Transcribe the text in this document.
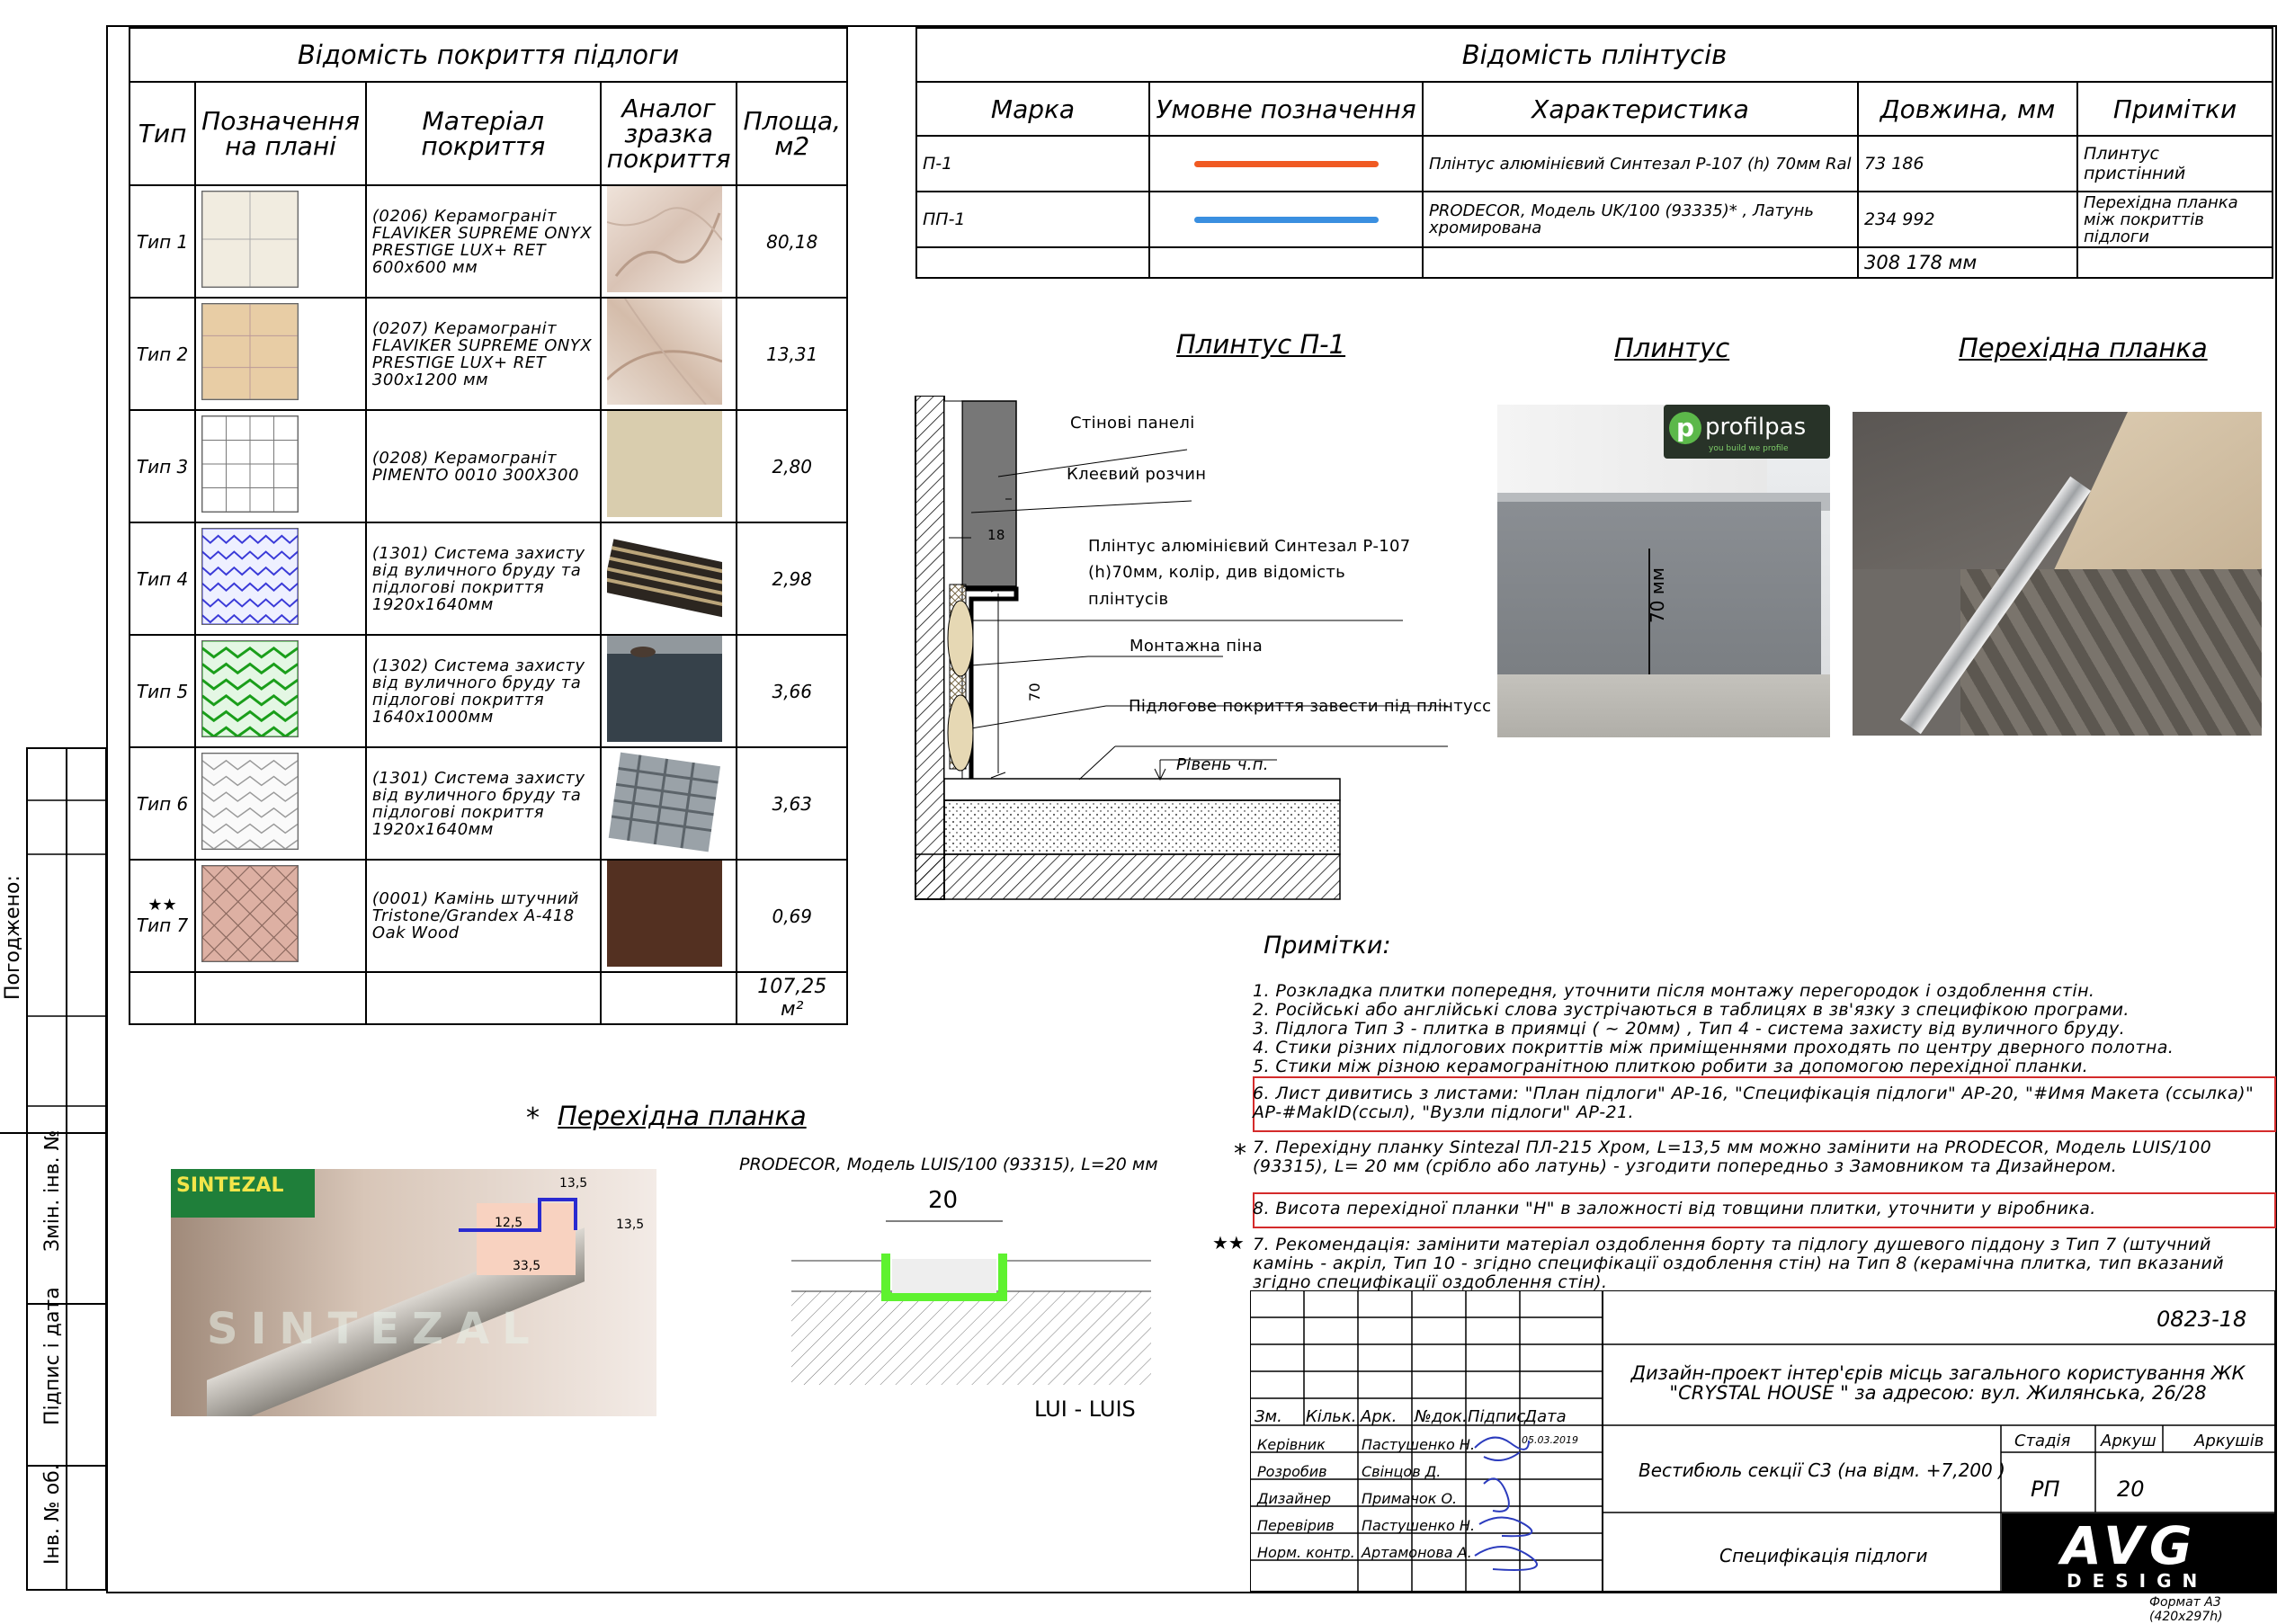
Погоджено:
Змін. інв. №
Підпис і дата
Інв. № об.
Відомість покриття підлоги				
Тип	Позначення на плані	Матеріал покриття	Аналог зразка покриття	Площа, м2
Тип 1		(0206) Керамограніт FLAVIKER SUPREME ONYX PRESTIGE LUX+ RET 600x600 мм		80,18
Тип 2		(0207) Керамограніт FLAVIKER SUPREME ONYX PRESTIGE LUX+ RET 300x1200 мм		13,31
Тип 3		(0208) Керамограніт PIMENTO 0010 300X300		2,80
Тип 4		(1301) Система захисту від вуличного бруду та підлогові покриття 1920x1640мм		2,98
Тип 5		(1302) Система захисту від вуличного бруду та підлогові покриття 1640x1000мм		3,66
Тип 6		(1301) Система захисту від вуличного бруду та підлогові покриття 1920x1640мм		3,63

★★
Тип 7		(0001) Камінь штучний Tristone/Grandex A-418 Oak Wood		0,69
				107,25 м²
Відомість плінтусів				
Марка	Умовне позначення	Характеристика	Довжина, мм	Примітки
П-1		Плінтус алюмінієвий Синтезал Р-107 (h) 70мм Ral	73 186	Плинтус пристінний
ПП-1		PRODECOR, Модель UK/100 (93335)* , Латунь хромирована	234 992	Перехідна планка між покриттів підлоги
			308 178 мм	
Плинтус П-1	Плинтус	Перехідна планка
Стінові панелі
Клеєвий розчин
18
Плінтус алюмінієвий Синтезал Р-107
(h)70мм, колір, див відомість
плінтусів
Монтажна піна
Підлогове покриття завести під плінтусс
Рівень ч.п.
70
p profilpas
you build we profile
70 мм
Примітки:
1. Розкладка плитки попередня, уточнити після монтажу перегородок і оздоблення стін.
2. Російські або англійські слова зустрічаються в таблицях в зв'язку з специфікою програми.
3. Підлога Тип 3 - плитка в приямці ( ~ 20мм) , Тип 4 - система захисту від вуличного бруду.
4. Стики різних підлогових покриттів між приміщеннями проходять по центру дверного полотна.
5. Стики між різною керамогранітною плиткою робити за допомогою перехідної планки.
6. Лист дивитись з листами: "План підлоги" АР-16, "Специфікація підлоги" АР-20, "#Имя Макета (ссылка)" АР-#MakID(ссыл), "Вузли підлоги" АР-21.
* 7. Перехідну планку Sintezal ПЛ-215 Хром, L=13,5 мм можно замінити на PRODECOR, Модель LUIS/100 (93315), L= 20 мм (срібло або латунь) - узгодити попередньо з Замовником та Дизайнером.
8. Висота перехідної планки "Н" в заложності від товщини плитки, уточнити у віробника.
★★ 7. Рекомендація: замінити матеріал оздоблення борту та підлогу душевого піддону з Тип 7 (штучний камінь - акріл, Тип 10 - згідно специфікації оздоблення стін) на Тип 8 (керамічна плитка, тип вказаний згідно специфікації оздоблення стін).
* Перехідна планка
SINTEZAL
SINTEZAL
13,5
12,5	13,5
33,5
PRODECOR, Модель LUIS/100 (93315), L=20 мм
20
LUI - LUIS
0823-18
Дизайн-проект інтер'єрів місць загального користування ЖК "CRYSTAL HOUSE " за адресою: вул. Жилянська, 26/28
Зм. Кільк. Арк. №док. Підпис
Дата
Керівник	Пастушенко Н.	05.03.2019
Розробив Свінцов Д.
Дизайнер Примачок О.
Перевірив Пастушенко Н.
Норм. контр. Артамонова А.
Вестибюль секції С3 (на відм. +7,200 )
Специфікація підлоги
Стадія Аркуш Аркушів
РП	20
AVG
DESIGN
Формат А3 (420х297h)
